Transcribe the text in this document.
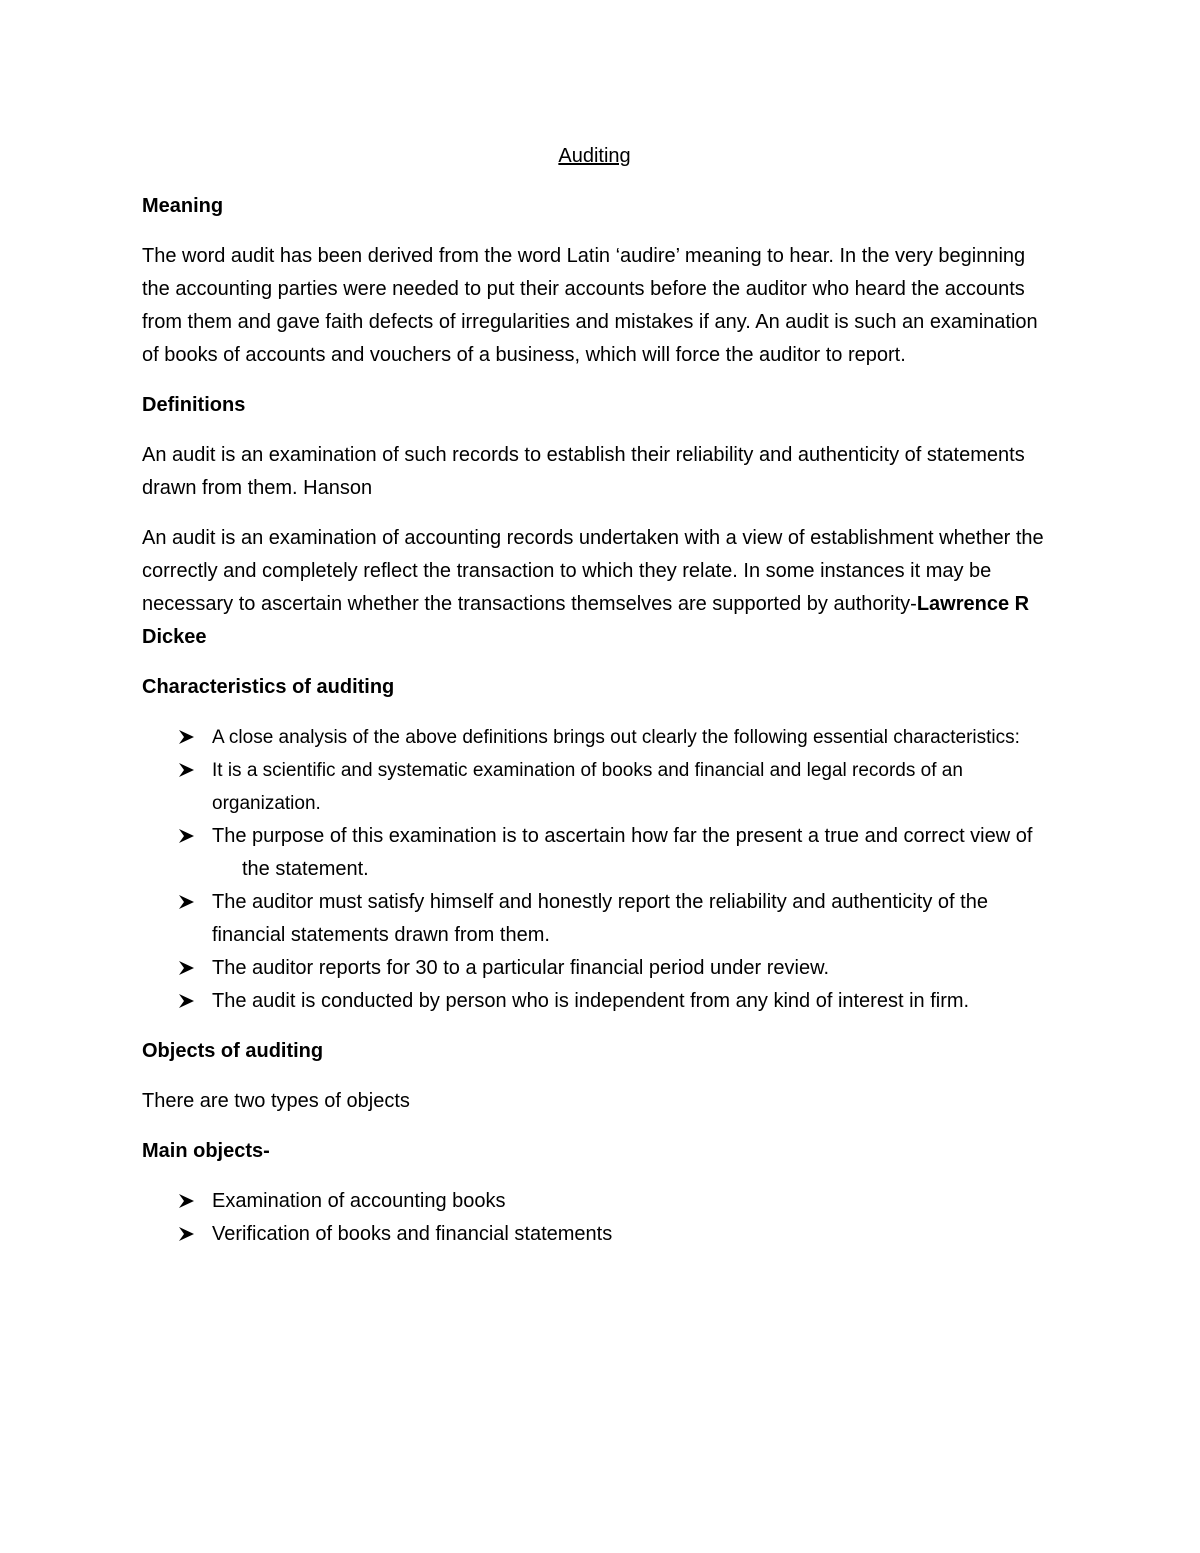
Auditing
Meaning
The word audit has been derived from the word Latin ‘audire’ meaning to hear. In the very beginning the accounting parties were needed to put their accounts before the auditor who heard the accounts from them and gave faith defects of irregularities and mistakes if any. An audit is such an examination of books of accounts and vouchers of a business, which will force the auditor to report.
Definitions
An audit is an examination of such records to establish their reliability and authenticity of statements drawn from them. Hanson
An audit is an examination of accounting records undertaken with a view of establishment whether the correctly and completely reflect the transaction to which they relate. In some instances it may be necessary to ascertain whether the transactions themselves are supported by authority-Lawrence R Dickee
Characteristics of auditing
A close analysis of the above definitions brings out clearly the following essential characteristics:
It is a scientific and systematic examination of books and financial and legal records of an organization.
The purpose of this examination is to ascertain how far the present a true and correct view ofthe statement.
The auditor must satisfy himself and honestly report the reliability and authenticity of the financial statements drawn from them.
The auditor reports for 30 to a particular financial period under review.
The audit is conducted by person who is independent from any kind of interest in firm.
Objects of auditing
There are two types of objects
Main objects-
Examination of accounting books
Verification of books and financial statements
